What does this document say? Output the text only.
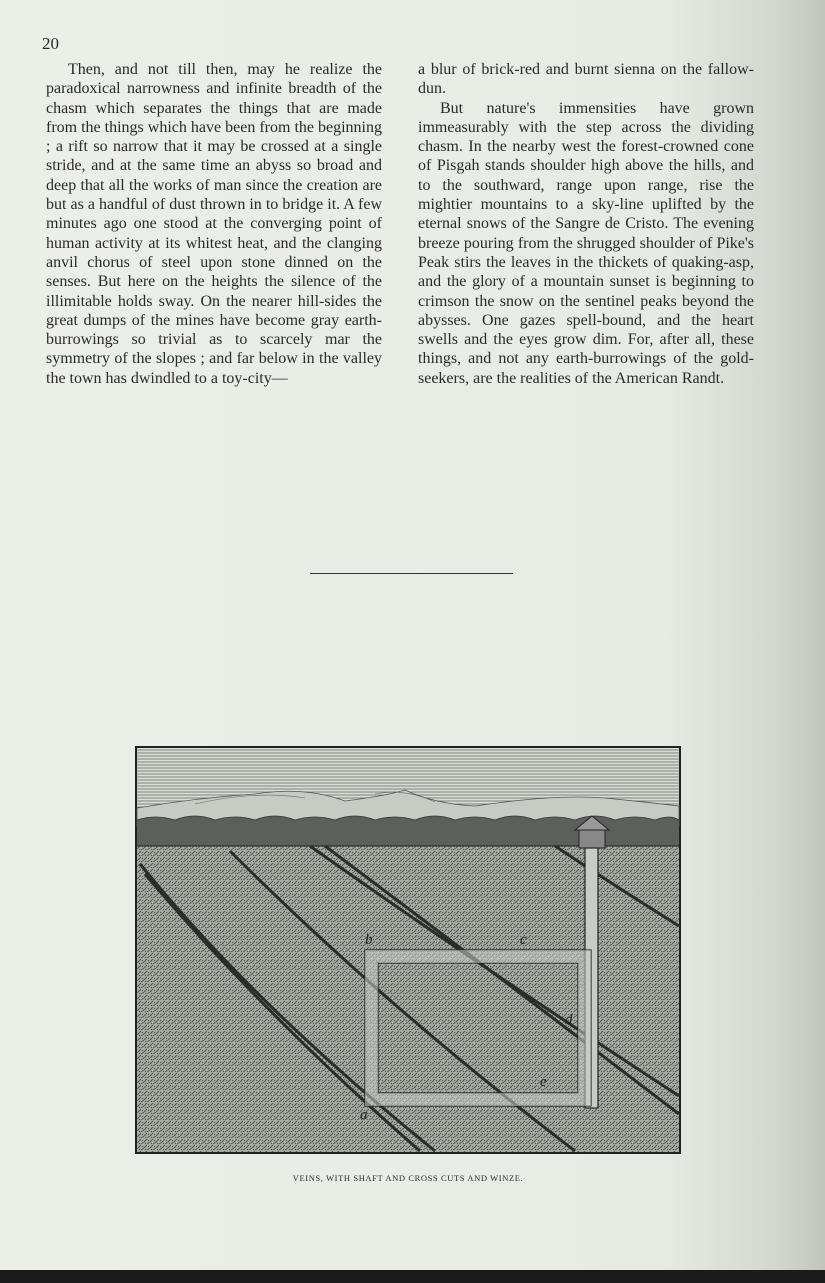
20

Then, and not till then, may he realize the paradoxical narrowness and infinite breadth of the chasm which separates the things that are made from the things which have been from the beginning ; a rift so narrow that it may be crossed at a single stride, and at the same time an abyss so broad and deep that all the works of man since the creation are but as a handful of dust thrown in to bridge it. A few minutes ago one stood at the converging point of human activity at its whitest heat, and the clanging anvil chorus of steel upon stone dinned on the senses. But here on the heights the silence of the illimitable holds sway. On the nearer hill-sides the great dumps of the mines have become gray earth-burrowings so trivial as to scarcely mar the symmetry of the slopes ; and far below in the valley the town has dwindled to a toy-city—

a blur of brick-red and burnt sienna on the fallow-dun.

But nature's immensities have grown immeasurably with the step across the dividing chasm. In the nearby west the forest-crowned cone of Pisgah stands shoulder high above the hills, and to the southward, range upon range, rise the mightier mountains to a sky-line uplifted by the eternal snows of the Sangre de Cristo. The evening breeze pouring from the shrugged shoulder of Pike's Peak stirs the leaves in the thickets of quaking-asp, and the glory of a mountain sunset is beginning to crimson the snow on the sentinel peaks beyond the abysses. One gazes spell-bound, and the heart swells and the eyes grow dim. For, after all, these things, and not any earth-burrowings of the gold-seekers, are the realities of the American Randt.

a
b	c
d
e
VEINS, WITH SHAFT AND CROSS CUTS AND WINZE.
